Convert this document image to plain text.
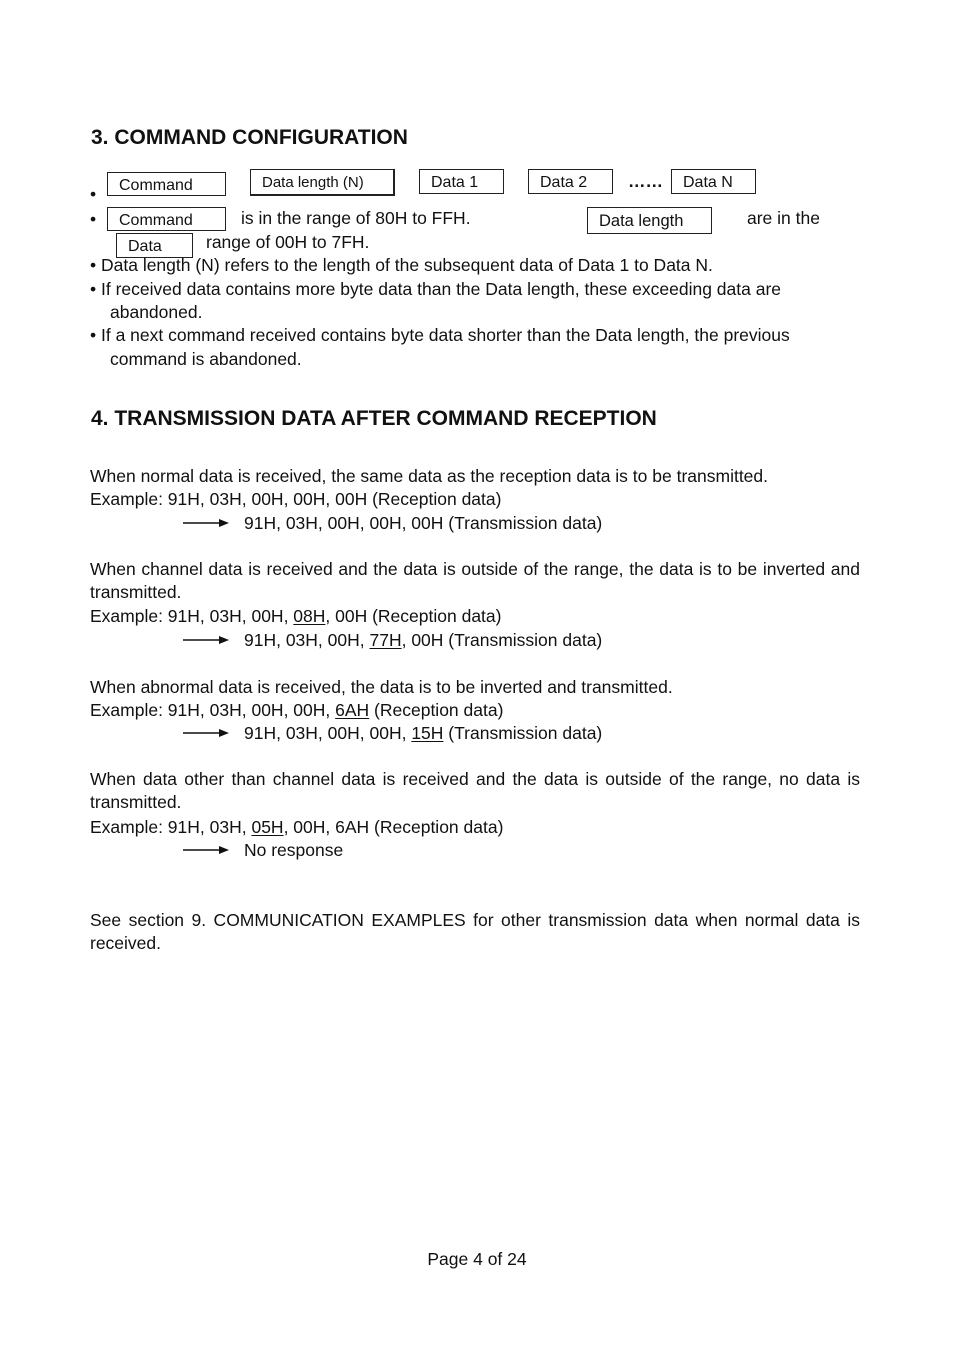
3. COMMAND CONFIGURATION
•	Command	Data length (N)	Data 1	Data 2	……	Data N
•	Command	is in the range of 80H to FFH.	Data length	are in the
Data	range of 00H to 7FH.
• Data length (N) refers to the length of the subsequent data of Data 1 to Data N.
• If received data contains more byte data than the Data length, these exceeding data are
abandoned.
• If a next command received contains byte data shorter than the Data length, the previous
command is abandoned.
4. TRANSMISSION DATA AFTER COMMAND RECEPTION
When normal data is received, the same data as the reception data is to be transmitted.
Example: 91H, 03H, 00H, 00H, 00H (Reception data)
91H, 03H, 00H, 00H, 00H (Transmission data)
When channel data is received and the data is outside of the range, the data is to be inverted and transmitted.
Example: 91H, 03H, 00H, 08H, 00H (Reception data)
91H, 03H, 00H, 77H, 00H (Transmission data)
When abnormal data is received, the data is to be inverted and transmitted.
Example: 91H, 03H, 00H, 00H, 6AH (Reception data)
91H, 03H, 00H, 00H, 15H (Transmission data)
When data other than channel data is received and the data is outside of the range, no data is transmitted.
Example: 91H, 03H, 05H, 00H, 6AH (Reception data)
No response
See section 9. COMMUNICATION EXAMPLES for other transmission data when normal data is received.
Page 4 of 24
